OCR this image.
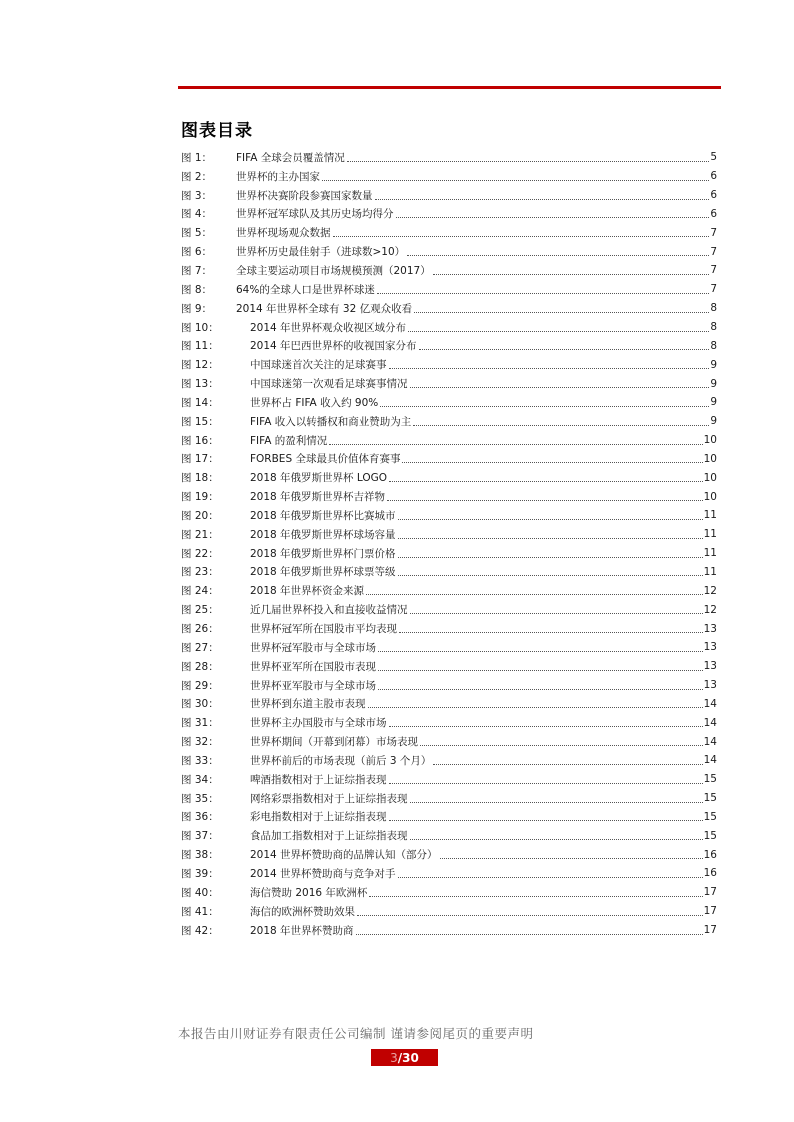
图表目录
图 1：	FIFA 全球会员覆盖情况	5
图 2：	世界杯的主办国家	6
图 3：	世界杯决赛阶段参赛国家数量	6
图 4：	世界杯冠军球队及其历史场均得分	6
图 5：	世界杯现场观众数据	7
图 6：	世界杯历史最佳射手（进球数>10）	7
图 7：	全球主要运动项目市场规模预测（2017）	7
图 8：	64%的全球人口是世界杯球迷	7
图 9：	2014 年世界杯全球有 32 亿观众收看	8
图 10：	2014 年世界杯观众收视区域分布	8
图 11：	2014 年巴西世界杯的收视国家分布	8
图 12：	中国球迷首次关注的足球赛事	9
图 13：	中国球迷第一次观看足球赛事情况	9
图 14：	世界杯占 FIFA 收入约 90%	9
图 15：	FIFA 收入以转播权和商业赞助为主	9
图 16：	FIFA 的盈利情况	10
图 17：	FORBES 全球最具价值体育赛事	10
图 18：	2018 年俄罗斯世界杯 LOGO	10
图 19：	2018 年俄罗斯世界杯吉祥物	10
图 20：	2018 年俄罗斯世界杯比赛城市	11
图 21：	2018 年俄罗斯世界杯球场容量	11
图 22：	2018 年俄罗斯世界杯门票价格	11
图 23：	2018 年俄罗斯世界杯球票等级	11
图 24：	2018 年世界杯资金来源	12
图 25：	近几届世界杯投入和直接收益情况	12
图 26：	世界杯冠军所在国股市平均表现	13
图 27：	世界杯冠军股市与全球市场	13
图 28：	世界杯亚军所在国股市表现	13
图 29：	世界杯亚军股市与全球市场	13
图 30：	世界杯到东道主股市表现	14
图 31：	世界杯主办国股市与全球市场	14
图 32：	世界杯期间（开幕到闭幕）市场表现	14
图 33：	世界杯前后的市场表现（前后 3 个月）	14
图 34：	啤酒指数相对于上证综指表现	15
图 35：	网络彩票指数相对于上证综指表现	15
图 36：	彩电指数相对于上证综指表现	15
图 37：	食品加工指数相对于上证综指表现	15
图 38：	2014 世界杯赞助商的品牌认知（部分）	16
图 39：	2014 世界杯赞助商与竞争对手	16
图 40：	海信赞助 2016 年欧洲杯	17
图 41：	海信的欧洲杯赞助效果	17
图 42：	2018 年世界杯赞助商	17
本报告由川财证券有限责任公司编制 谨请参阅尾页的重要声明
3 /30
